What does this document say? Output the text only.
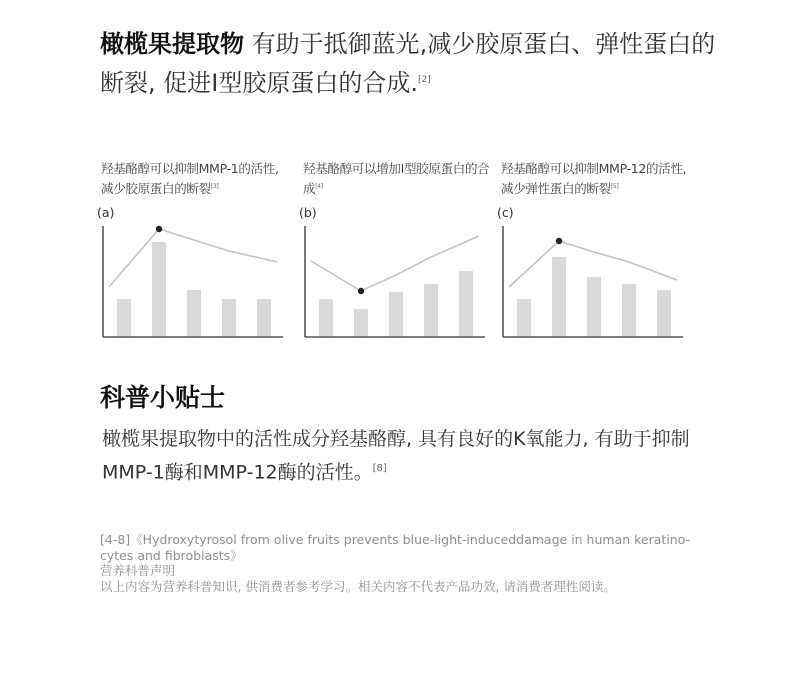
橄榄果提取物 有助于抵御蓝光,减少胶原蛋白、弹性蛋白的断裂, 促进I型胶原蛋白的合成.[2]

羟基酪醇可以抑制MMP-1的活性, 减少胶原蛋白的断裂[3]

(a)

羟基酪醇可以增加I型胶原蛋白的合成[4]

(b)

羟基酪醇可以抑制MMP-12的活性, 减少弹性蛋白的断裂[5]

(c)
科普小贴士

橄榄果提取物中的活性成分羟基酪醇, 具有良好的K氧能力, 有助于抑制MMP-1酶和MMP-12酶的活性。[8]

[4-8]《Hydroxytyrosol from olive fruits prevents blue-light-induceddamage in human keratino-cytes and fibroblasts》

营养科普声明

以上内容为营养科普知识, 供消费者参考学习。相关内容不代表产品功效, 请消费者理性阅读。
